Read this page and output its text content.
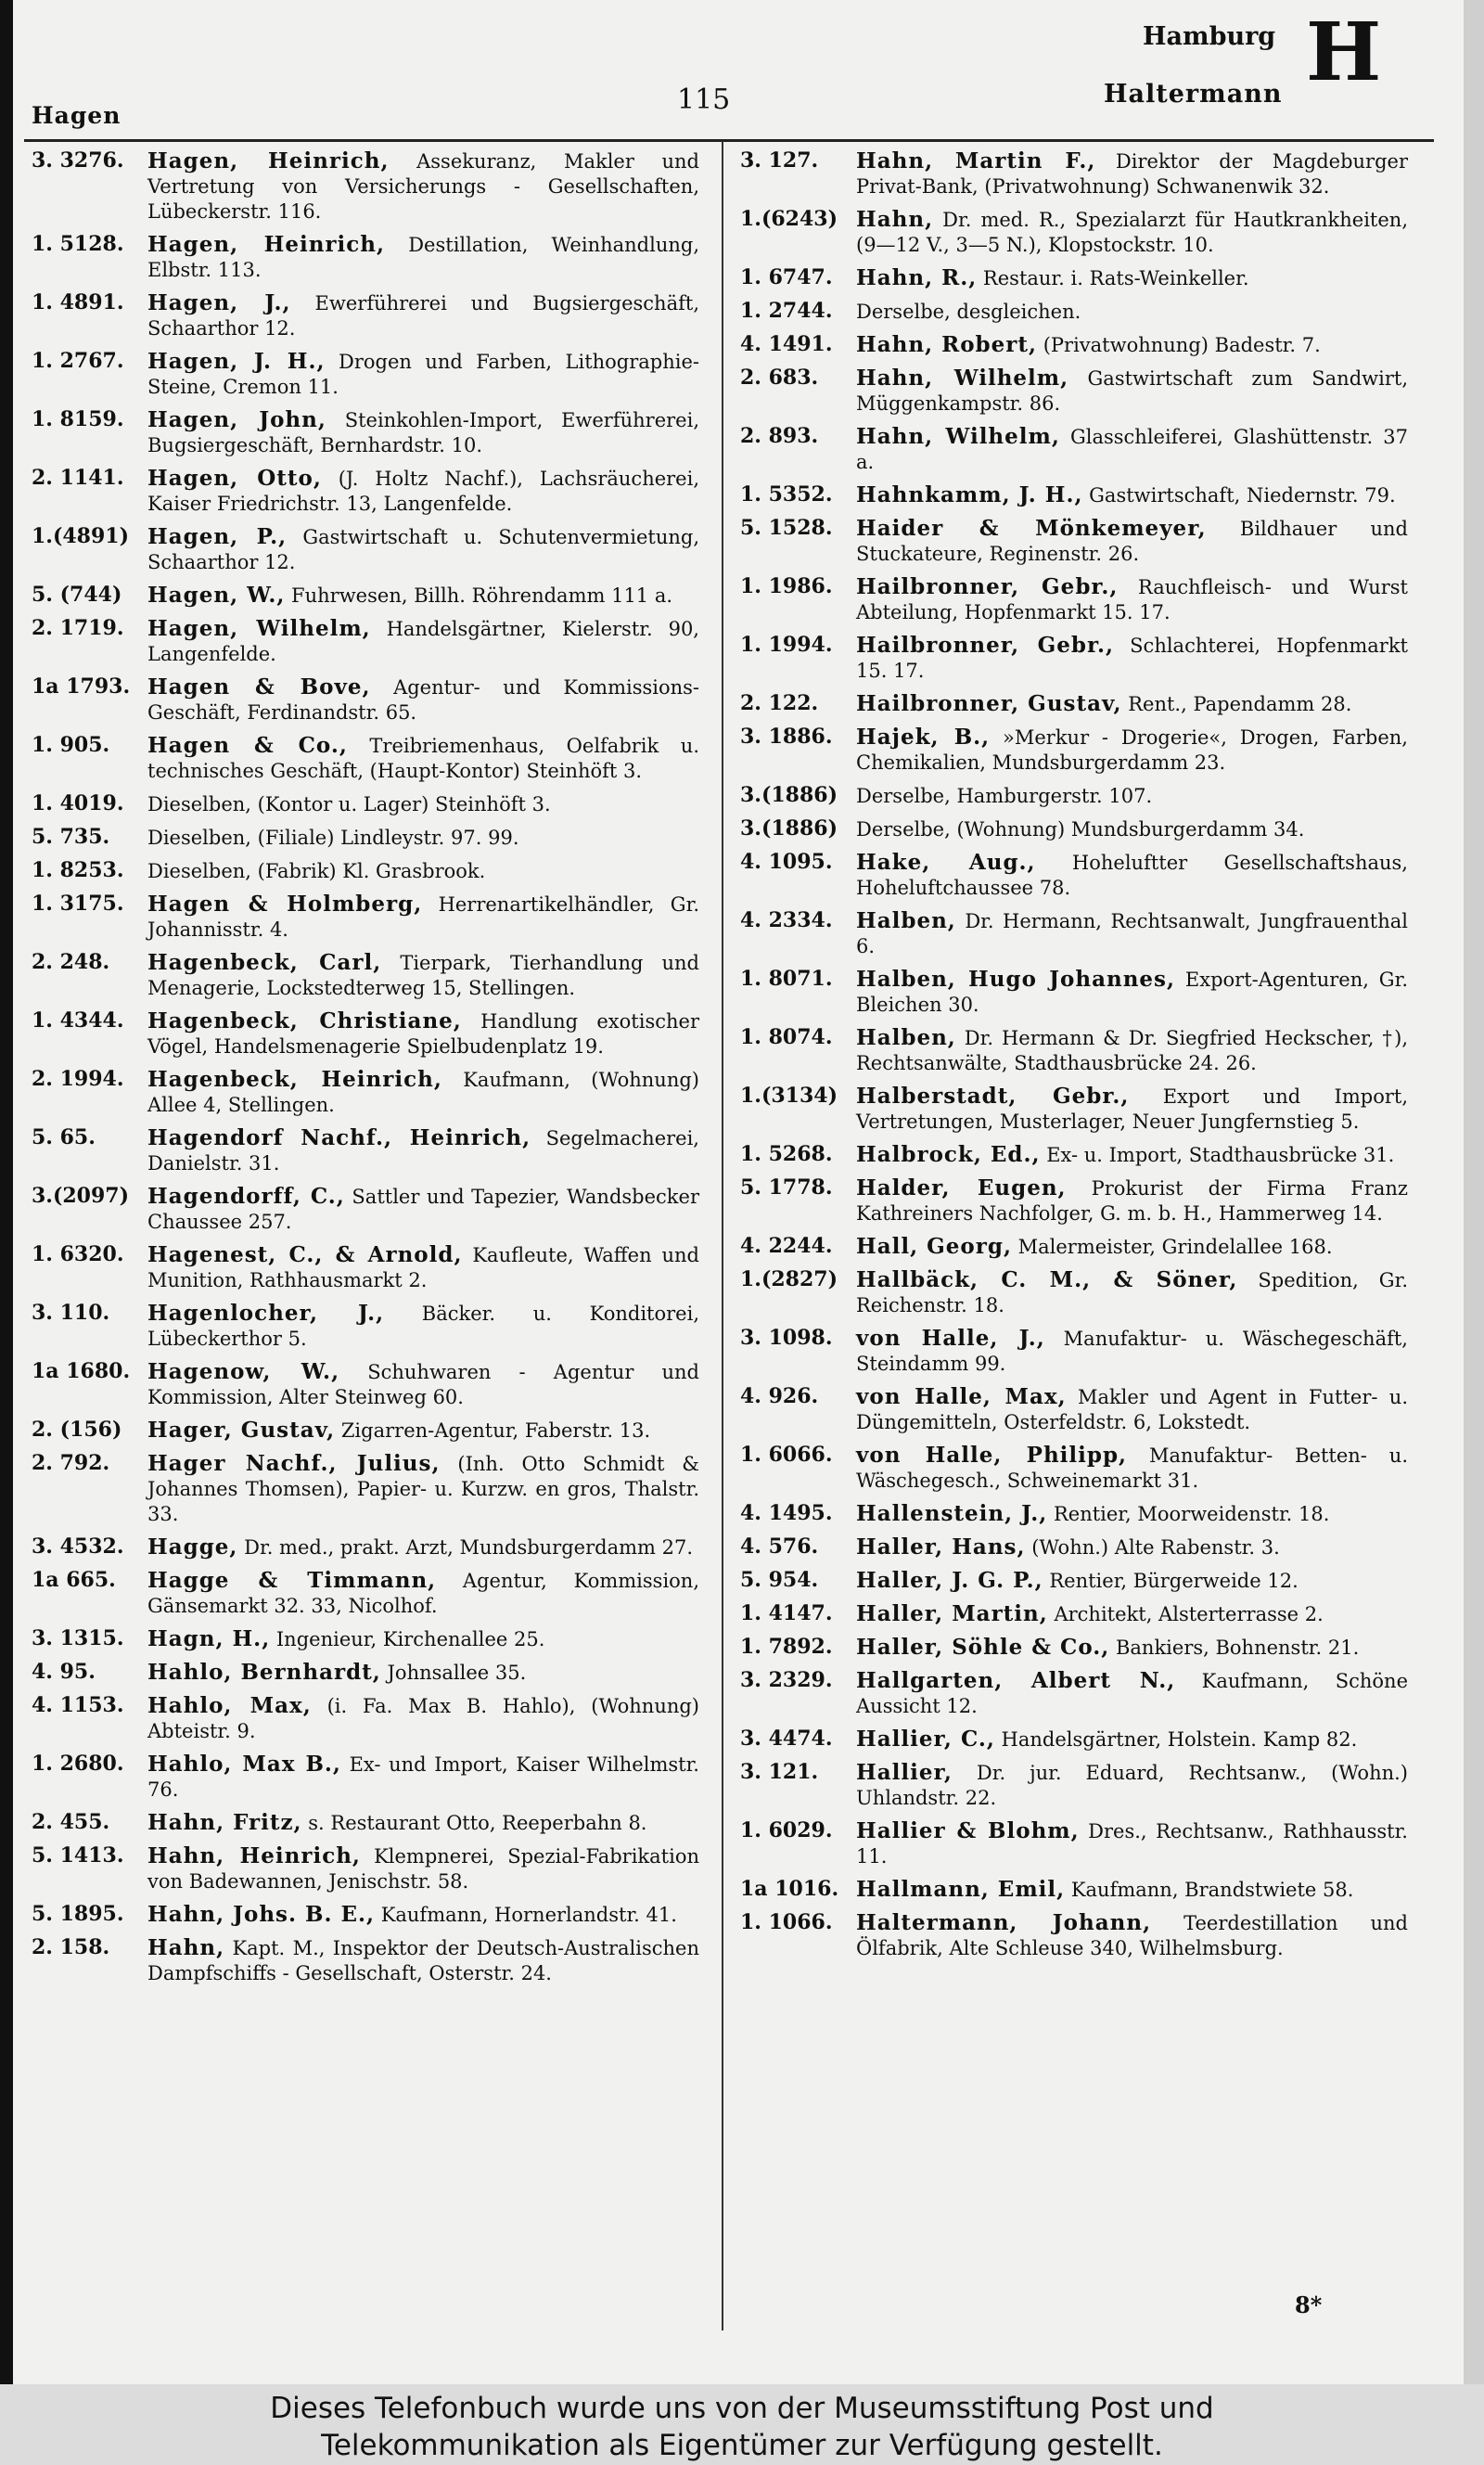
Hagen	115
Hamburg
Haltermann H
3. 3276.	Hagen, Heinrich, Assekuranz, Makler und Vertretung von Versicherungs - Gesellschaften, Lübeckerstr. 116.
1. 5128.	Hagen, Heinrich, Destillation, Weinhandlung, Elbstr. 113.
1. 4891.	Hagen, J., Ewerführerei und Bugsiergeschäft, Schaarthor 12.
1. 2767.	Hagen, J. H., Drogen und Farben, Lithographie-Steine, Cremon 11.
1. 8159.	Hagen, John, Steinkohlen-Import, Ewerführerei, Bugsiergeschäft, Bernhardstr. 10.
2. 1141.	Hagen, Otto, (J. Holtz Nachf.), Lachsräucherei, Kaiser Friedrichstr. 13, Langenfelde.
1.(4891) Hagen, P., Gastwirtschaft u. Schutenvermietung, Schaarthor 12.
5. (744)	Hagen, W., Fuhrwesen, Billh. Röhrendamm 111 a.
2. 1719.	Hagen, Wilhelm, Handelsgärtner, Kielerstr. 90, Langenfelde.
1a 1793. Hagen & Bove, Agentur- und Kommissions-Geschäft, Ferdinandstr. 65.
1. 905.	Hagen & Co., Treibriemenhaus, Oelfabrik u. technisches Geschäft, (Haupt-Kontor) Steinhöft 3.
1. 4019.	Dieselben, (Kontor u. Lager) Steinhöft 3.
5. 735.	Dieselben, (Filiale) Lindleystr. 97. 99.
1. 8253.	Dieselben, (Fabrik) Kl. Grasbrook.
1. 3175.	Hagen & Holmberg, Herrenartikelhändler, Gr. Johannisstr. 4.
2. 248.	Hagenbeck, Carl, Tierpark, Tierhandlung und Menagerie, Lockstedterweg 15, Stellingen.
1. 4344.	Hagenbeck, Christiane, Handlung exotischer Vögel, Handelsmenagerie Spielbudenplatz 19.
2. 1994.	Hagenbeck, Heinrich, Kaufmann, (Wohnung) Allee 4, Stellingen.
5. 65.	Hagendorf Nachf., Heinrich, Segelmacherei, Danielstr. 31.
3.(2097) Hagendorff, C., Sattler und Tapezier, Wandsbecker Chaussee 257.
1. 6320.	Hagenest, C., & Arnold, Kaufleute, Waffen und Munition, Rathhausmarkt 2.
3. 110.	Hagenlocher, J., Bäcker. u. Konditorei, Lübeckerthor 5.
1a 1680. Hagenow, W., Schuhwaren - Agentur und Kommission, Alter Steinweg 60.
2. (156)	Hager, Gustav, Zigarren-Agentur, Faberstr. 13.
2. 792.	Hager Nachf., Julius, (Inh. Otto Schmidt & Johannes Thomsen), Papier- u. Kurzw. en gros, Thalstr. 33.
3. 4532.	Hagge, Dr. med., prakt. Arzt, Mundsburgerdamm 27.
1a 665.	Hagge & Timmann, Agentur, Kommission, Gänsemarkt 32. 33, Nicolhof.
3. 1315.	Hagn, H., Ingenieur, Kirchenallee 25.
4. 95.	Hahlo, Bernhardt, Johnsallee 35.
4. 1153.	Hahlo, Max, (i. Fa. Max B. Hahlo), (Wohnung) Abteistr. 9.
1. 2680.	Hahlo, Max B., Ex- und Import, Kaiser Wilhelmstr. 76.
2. 455.	Hahn, Fritz, s. Restaurant Otto, Reeperbahn 8.
5. 1413.	Hahn, Heinrich, Klempnerei, Spezial-Fabrikation von Badewannen, Jenischstr. 58.
5. 1895.	Hahn, Johs. B. E., Kaufmann, Hornerlandstr. 41.
2. 158.	Hahn, Kapt. M., Inspektor der Deutsch-Australischen Dampfschiffs - Gesellschaft, Osterstr. 24.
3. 127.	Hahn, Martin F., Direktor der Magdeburger Privat-Bank, (Privatwohnung) Schwanenwik 32.
1.(6243) Hahn, Dr. med. R., Spezialarzt für Hautkrankheiten, (9—12 V., 3—5 N.), Klopstockstr. 10.
1. 6747.	Hahn, R., Restaur. i. Rats-Weinkeller.
1. 2744.	Derselbe, desgleichen.
4. 1491.	Hahn, Robert, (Privatwohnung) Badestr. 7.
2. 683.	Hahn, Wilhelm, Gastwirtschaft zum Sandwirt, Müggenkampstr. 86.
2. 893.	Hahn, Wilhelm, Glasschleiferei, Glashüttenstr. 37 a.
1. 5352.	Hahnkamm, J. H., Gastwirtschaft, Niedernstr. 79.
5. 1528.	Haider & Mönkemeyer, Bildhauer und Stuckateure, Reginenstr. 26.
1. 1986.	Hailbronner, Gebr., Rauchfleisch- und Wurst Abteilung, Hopfenmarkt 15. 17.
1. 1994.	Hailbronner, Gebr., Schlachterei, Hopfenmarkt 15. 17.
2. 122.	Hailbronner, Gustav, Rent., Papendamm 28.
3. 1886.	Hajek, B., »Merkur - Drogerie«, Drogen, Farben, Chemikalien, Mundsburgerdamm 23.
3.(1886) Derselbe, Hamburgerstr. 107.
3.(1886) Derselbe, (Wohnung) Mundsburgerdamm 34.
4. 1095.	Hake, Aug., Hoheluftter Gesellschaftshaus, Hoheluftchaussee 78.
4. 2334.	Halben, Dr. Hermann, Rechtsanwalt, Jungfrauenthal 6.
1. 8071.	Halben, Hugo Johannes, Export-Agenturen, Gr. Bleichen 30.
1. 8074.	Halben, Dr. Hermann & Dr. Siegfried Heckscher, †), Rechtsanwälte, Stadthausbrücke 24. 26.
1.(3134) Halberstadt, Gebr., Export und Import, Vertretungen, Musterlager, Neuer Jungfernstieg 5.
1. 5268.	Halbrock, Ed., Ex- u. Import, Stadthausbrücke 31.
5. 1778.	Halder, Eugen, Prokurist der Firma Franz Kathreiners Nachfolger, G. m. b. H., Hammerweg 14.
4. 2244.	Hall, Georg, Malermeister, Grindelallee 168.
1.(2827) Hallbäck, C. M., & Söner, Spedition, Gr. Reichenstr. 18.
3. 1098.	von Halle, J., Manufaktur- u. Wäschegeschäft, Steindamm 99.
4. 926.	von Halle, Max, Makler und Agent in Futter- u. Düngemitteln, Osterfeldstr. 6, Lokstedt.
1. 6066.	von Halle, Philipp, Manufaktur- Betten- u. Wäschegesch., Schweinemarkt 31.
4. 1495.	Hallenstein, J., Rentier, Moorweidenstr. 18.
4. 576.	Haller, Hans, (Wohn.) Alte Rabenstr. 3.
5. 954.	Haller, J. G. P., Rentier, Bürgerweide 12.
1. 4147.	Haller, Martin, Architekt, Alsterterrasse 2.
1. 7892.	Haller, Söhle & Co., Bankiers, Bohnenstr. 21.
3. 2329.	Hallgarten, Albert N., Kaufmann, Schöne Aussicht 12.
3. 4474.	Hallier, C., Handelsgärtner, Holstein. Kamp 82.
3. 121.	Hallier, Dr. jur. Eduard, Rechtsanw., (Wohn.) Uhlandstr. 22.
1. 6029.	Hallier & Blohm, Dres., Rechtsanw., Rathhausstr. 11.
1a 1016. Hallmann, Emil, Kaufmann, Brandstwiete 58.
1. 1066.	Haltermann, Johann, Teerdestillation und Ölfabrik, Alte Schleuse 340, Wilhelmsburg.
8*
Dieses Telefonbuch wurde uns von der Museumsstiftung Post und
Telekommunikation als Eigentümer zur Verfügung gestellt.
